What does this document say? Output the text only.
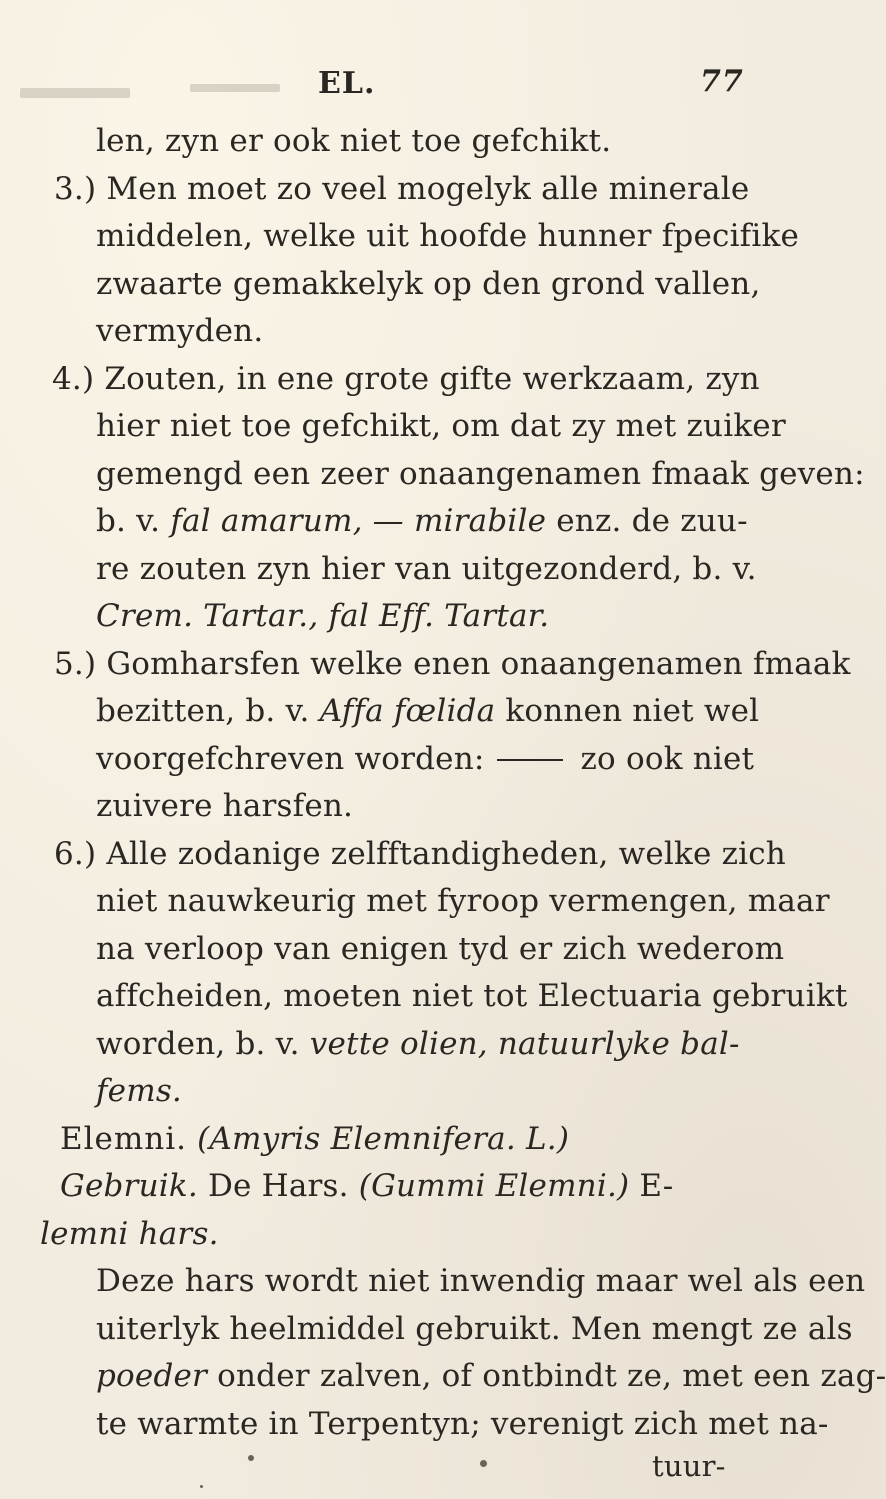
EL.	77
len, zyn er ook niet toe gefchikt.
3.) Men moet zo veel mogelyk alle minerale
middelen, welke uit hoofde hunner fpecifike
zwaarte gemakkelyk op den grond vallen,
vermyden.
4.) Zouten, in ene grote gifte werkzaam, zyn
hier niet toe gefchikt, om dat zy met zuiker
gemengd een zeer onaangenamen fmaak geven:
b. v. fal amarum, — mirabile enz. de zuu-
re zouten zyn hier van uitgezonderd, b. v.
Crem. Tartar., fal Eff. Tartar.
5.) Gomharsfen welke enen onaangenamen fmaak
bezitten, b. v. Affa fœlida konnen niet wel
voorgefchreven worden:	zo ook niet
zuivere harsfen.
6.) Alle zodanige zelfftandigheden, welke zich
niet nauwkeurig met fyroop vermengen, maar
na verloop van enigen tyd er zich wederom
affcheiden, moeten niet tot Electuaria gebruikt
worden, b. v. vette olien, natuurlyke bal-
fems.
Elemni. (Amyris Elemnifera. L.)
Gebruik. De Hars. (Gummi Elemni.) E-
lemni hars.
Deze hars wordt niet inwendig maar wel als een
uiterlyk heelmiddel gebruikt. Men mengt ze als
poeder onder zalven, of ontbindt ze, met een zag-
te warmte in Terpentyn; verenigt zich met na-
tuur-
